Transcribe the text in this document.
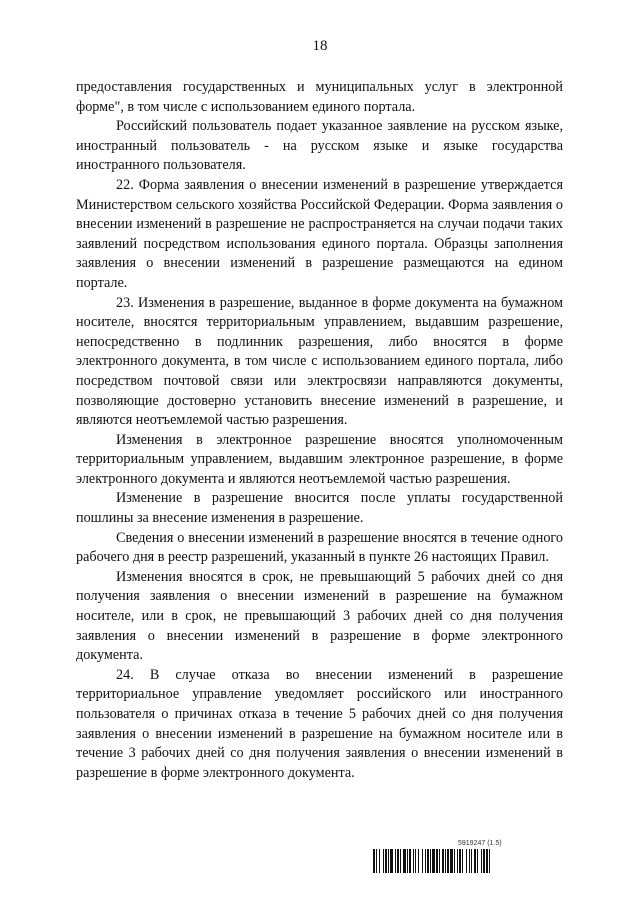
18

предоставления государственных и муниципальных услуг в электронной форме", в том числе с использованием единого портала.

Российский пользователь подает указанное заявление на русском языке, иностранный пользователь - на русском языке и языке государства иностранного пользователя.

22. Форма заявления о внесении изменений в разрешение утверждается Министерством сельского хозяйства Российской Федерации. Форма заявления о внесении изменений в разрешение не распространяется на случаи подачи таких заявлений посредством использования единого портала. Образцы заполнения заявления о внесении изменений в разрешение размещаются на едином портале.

23. Изменения в разрешение, выданное в форме документа на бумажном носителе, вносятся территориальным управлением, выдавшим разрешение, непосредственно в подлинник разрешения, либо вносятся в форме электронного документа, в том числе с использованием единого портала, либо посредством почтовой связи или электросвязи направляются документы, позволяющие достоверно установить внесение изменений в разрешение, и являются неотъемлемой частью разрешения.

Изменения в электронное разрешение вносятся уполномоченным территориальным управлением, выдавшим электронное разрешение, в форме электронного документа и являются неотъемлемой частью разрешения.

Изменение в разрешение вносится после уплаты государственной пошлины за внесение изменения в разрешение.

Сведения о внесении изменений в разрешение вносятся в течение одного рабочего дня в реестр разрешений, указанный в пункте 26 настоящих Правил.

Изменения вносятся в срок, не превышающий 5 рабочих дней со дня получения заявления о внесении изменений в разрешение на бумажном носителе, или в срок, не превышающий 3 рабочих дней со дня получения заявления о внесении изменений в разрешение в форме электронного документа.

24. В случае отказа во внесении изменений в разрешение территориальное управление уведомляет российского или иностранного пользователя о причинах отказа в течение 5 рабочих дней со дня получения заявления о внесении изменений в разрешение на бумажном носителе или в течение 3 рабочих дней со дня получения заявления о внесении изменений в разрешение в форме электронного документа.

5919247 (1.5)
